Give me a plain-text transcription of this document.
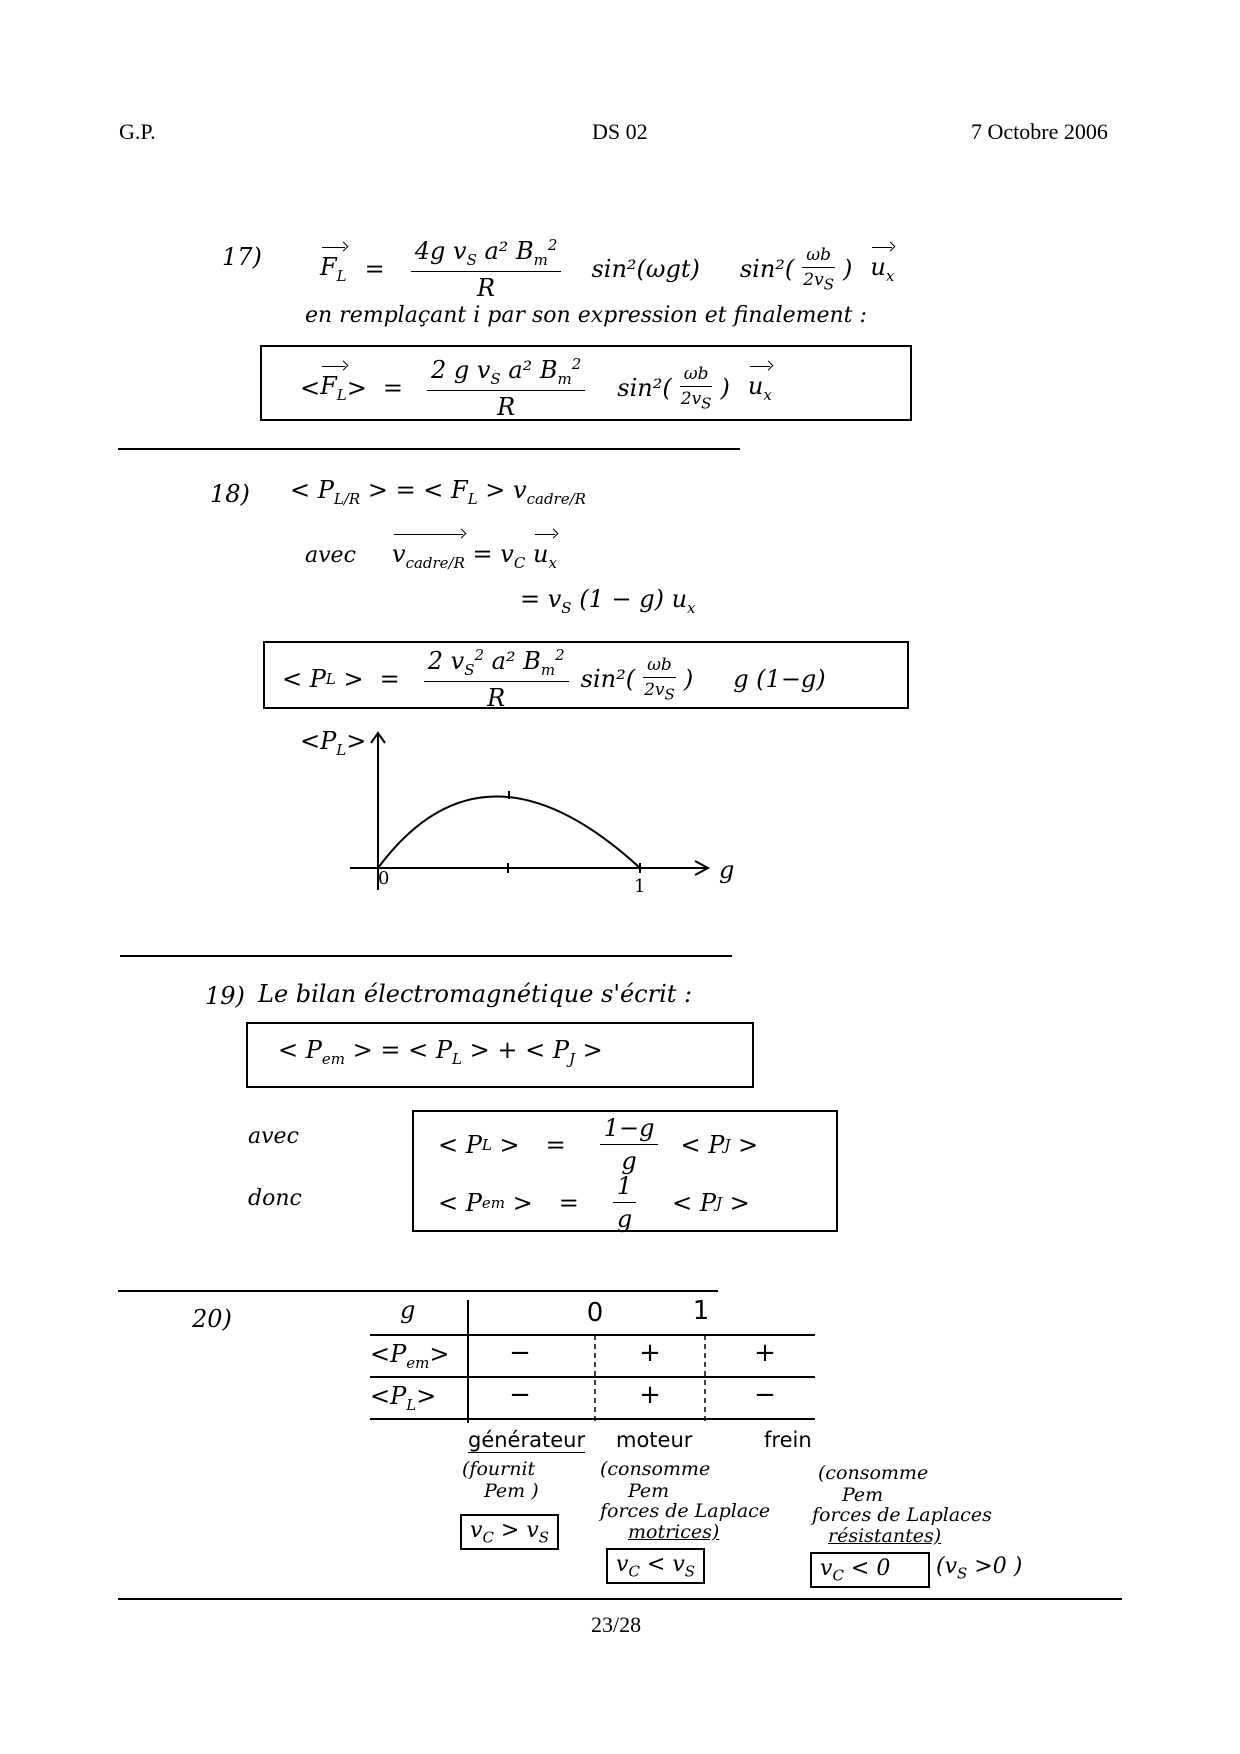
G.P.	DS 02	7 Octobre 2006
17) $F_L = \frac{4g v_S a^2 B_m^2}{R} \sin^2(\omega gt)$ $\sin^2( \frac{\omega b}{2v_S}$ ) $u_x$
en remplaçant i par son expression et finalement :
< $F_L$ > = $\frac{2 g v_S a^2 B_m^2}{R} \sin^2( \frac{\omega b}{2v_S}$ ) $u_x$
$18) < P_{L/R}$ > = < $F_L > v_{cadre/R}$
avec $v_{cadre/R} = v_C$ $u_x$
= $v_S$ (1 − g) $u_x$
< P L > = $\frac{2 v_S^2 a^2 B_m^2}{R} \sin^2( \frac{\omega b}{2v_S}$ ) g (1−g)
$<P_L>$
g
0	1
19) Le bilan électromagnétique s'écrit :
< $P_{em}$ > = < $P_L$ > + < $P_J$ >
avec
donc
< P L > = $\frac{1-g}{g} < P$ J >
< P em > = $\frac{1}{g} < P$ J >
20)	g	0	1
$<P_{em}>$	−	+	+
$<P_L>$	−	+	−
générateur
(fournit
Pem )
$v_C > v_S$
moteur
(consomme
Pem
forces de Laplace
motrices)
$v_C < v_S$
frein
(consomme
Pem
forces de Laplaces
résistantes)
$v_C < 0$	($v_S >0$ )
23/28
